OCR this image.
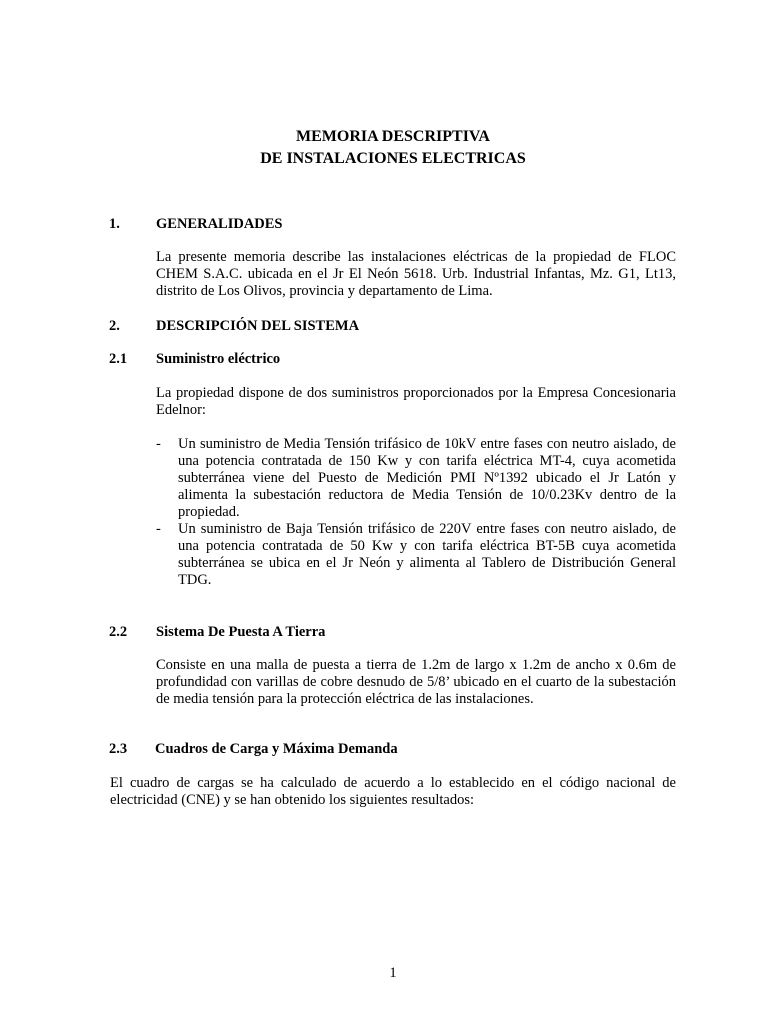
MEMORIA DESCRIPTIVA
DE INSTALACIONES ELECTRICAS
1. GENERALIDADES
La presente memoria describe las instalaciones eléctricas de la propiedad de FLOC CHEM S.A.C. ubicada en el Jr El Neón 5618. Urb. Industrial Infantas, Mz. G1, Lt13, distrito de Los Olivos, provincia y departamento de Lima.
2. DESCRIPCIÓN DEL SISTEMA
2.1 Suministro eléctrico
La propiedad dispone de dos suministros proporcionados por la Empresa Concesionaria Edelnor:
- Un suministro de Media Tensión trifásico de 10kV entre fases con neutro aislado, de una potencia contratada de 150 Kw y con tarifa eléctrica MT-4, cuya acometida subterránea viene del Puesto de Medición PMI Nº1392 ubicado el Jr Latón y alimenta la subestación reductora de Media Tensión de 10/0.23Kv dentro de la propiedad.
- Un suministro de Baja Tensión trifásico de 220V entre fases con neutro aislado, de una potencia contratada de 50 Kw y con tarifa eléctrica BT-5B cuya acometida subterránea se ubica en el Jr Neón y alimenta al Tablero de Distribución General TDG.
2.2 Sistema De Puesta A Tierra
Consiste en una malla de puesta a tierra de 1.2m de largo x 1.2m de ancho x 0.6m de profundidad con varillas de cobre desnudo de 5/8’ ubicado en el cuarto de la subestación de media tensión para la protección eléctrica de las instalaciones.
2.3 Cuadros de Carga y Máxima Demanda
El cuadro de cargas se ha calculado de acuerdo a lo establecido en el código nacional de electricidad (CNE) y se han obtenido los siguientes resultados:
1
